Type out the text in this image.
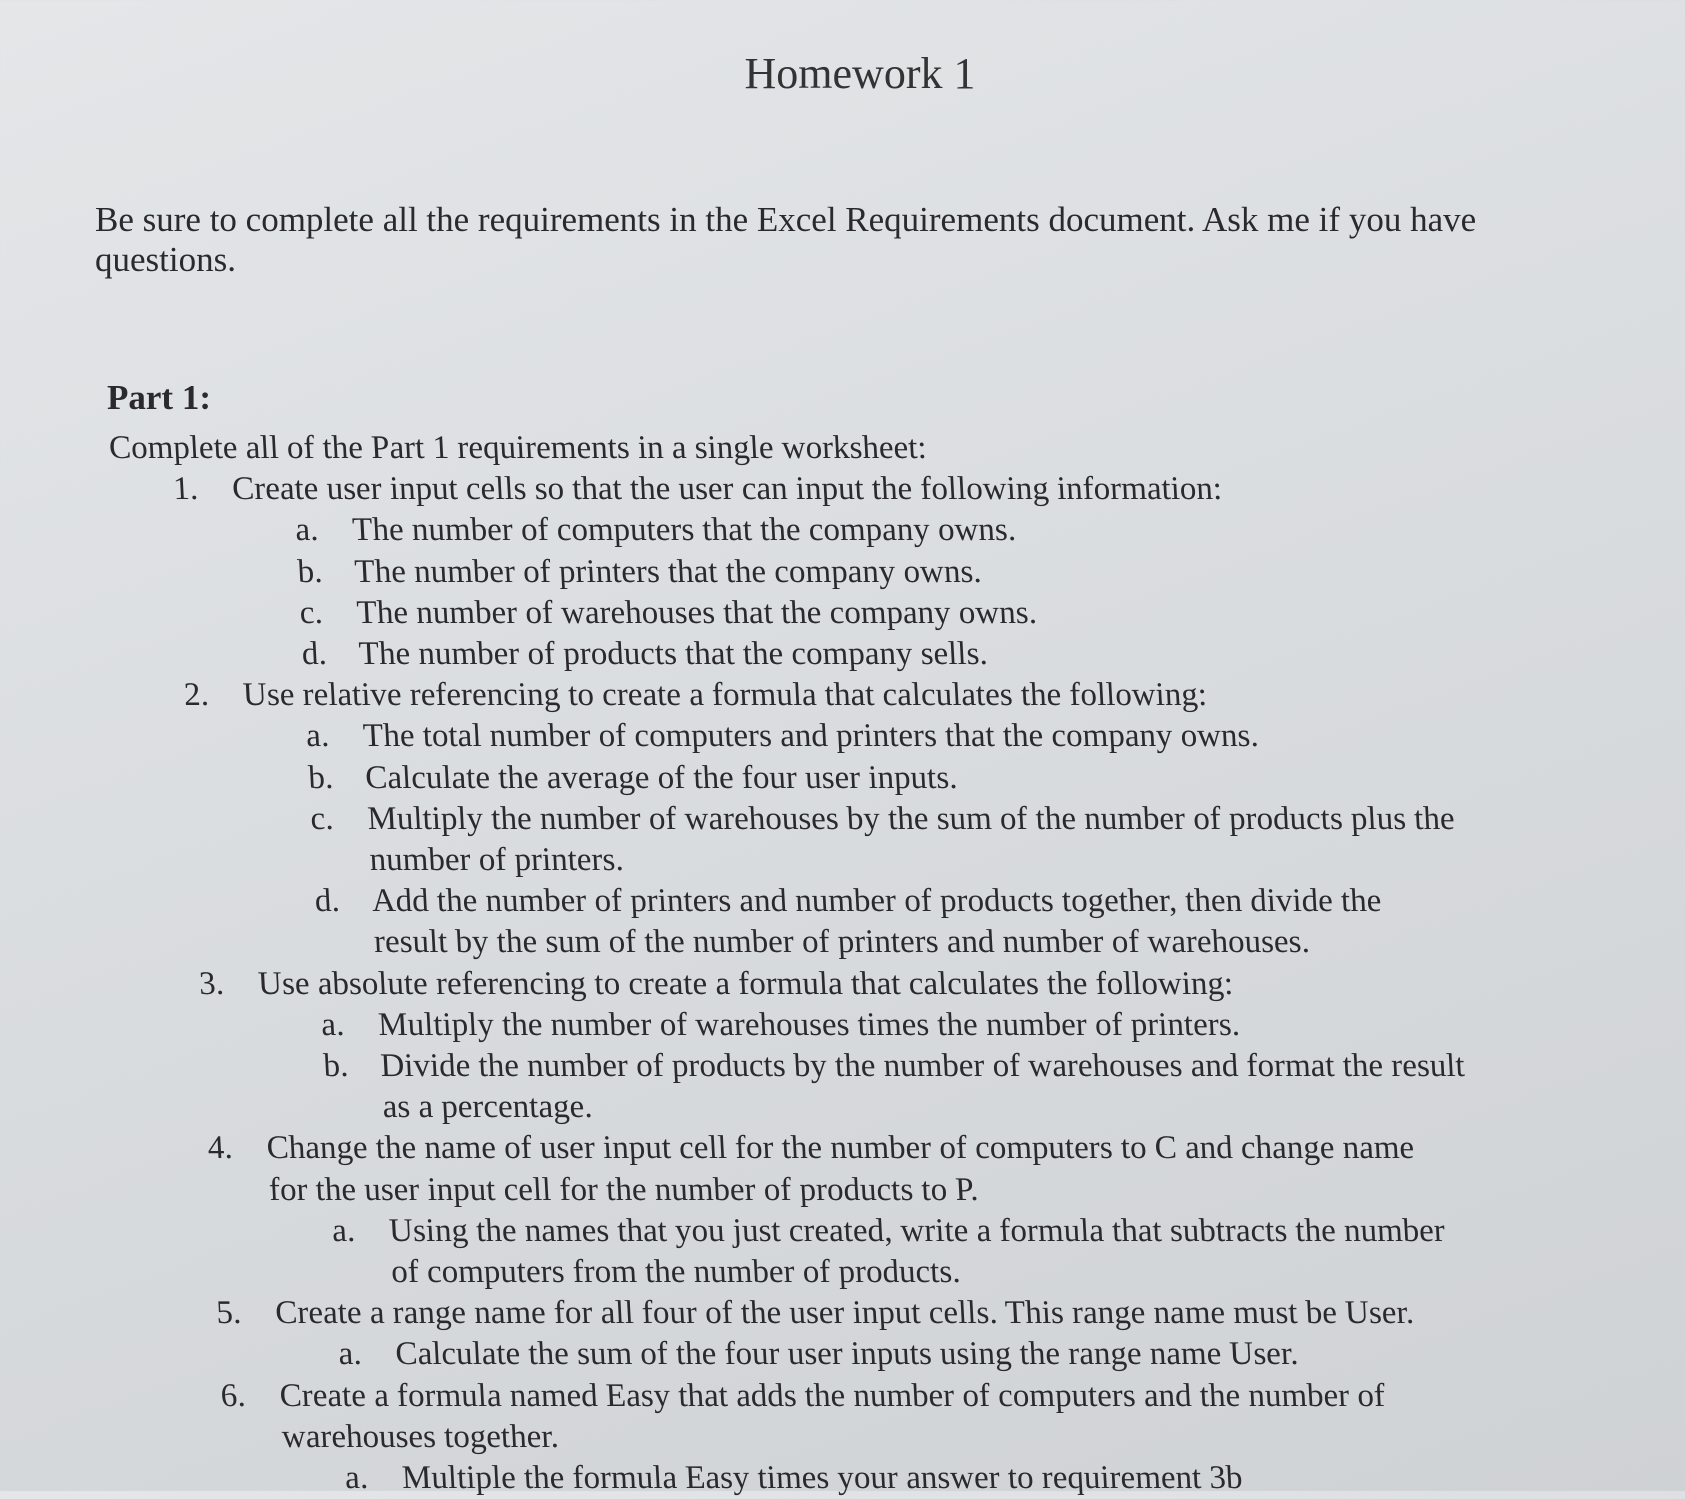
Homework 1
Be sure to complete all the requirements in the Excel Requirements document. Ask me if you have questions.
Part 1:
Complete all of the Part 1 requirements in a single worksheet:
1. Create user input cells so that the user can input the following information:
a. The number of computers that the company owns.
b. The number of printers that the company owns.
c. The number of warehouses that the company owns.
d. The number of products that the company sells.
2. Use relative referencing to create a formula that calculates the following:
a. The total number of computers and printers that the company owns.
b. Calculate the average of the four user inputs.
c. Multiply the number of warehouses by the sum of the number of products plus the
number of printers.
d. Add the number of printers and number of products together, then divide the
result by the sum of the number of printers and number of warehouses.
3. Use absolute referencing to create a formula that calculates the following:
a. Multiply the number of warehouses times the number of printers.
b. Divide the number of products by the number of warehouses and format the result
as a percentage.
4. Change the name of user input cell for the number of computers to C and change name
for the user input cell for the number of products to P.
a. Using the names that you just created, write a formula that subtracts the number
of computers from the number of products.
5. Create a range name for all four of the user input cells. This range name must be User.
a. Calculate the sum of the four user inputs using the range name User.
6. Create a formula named Easy that adds the number of computers and the number of
warehouses together.
a. Multiple the formula Easy times your answer to requirement 3b
